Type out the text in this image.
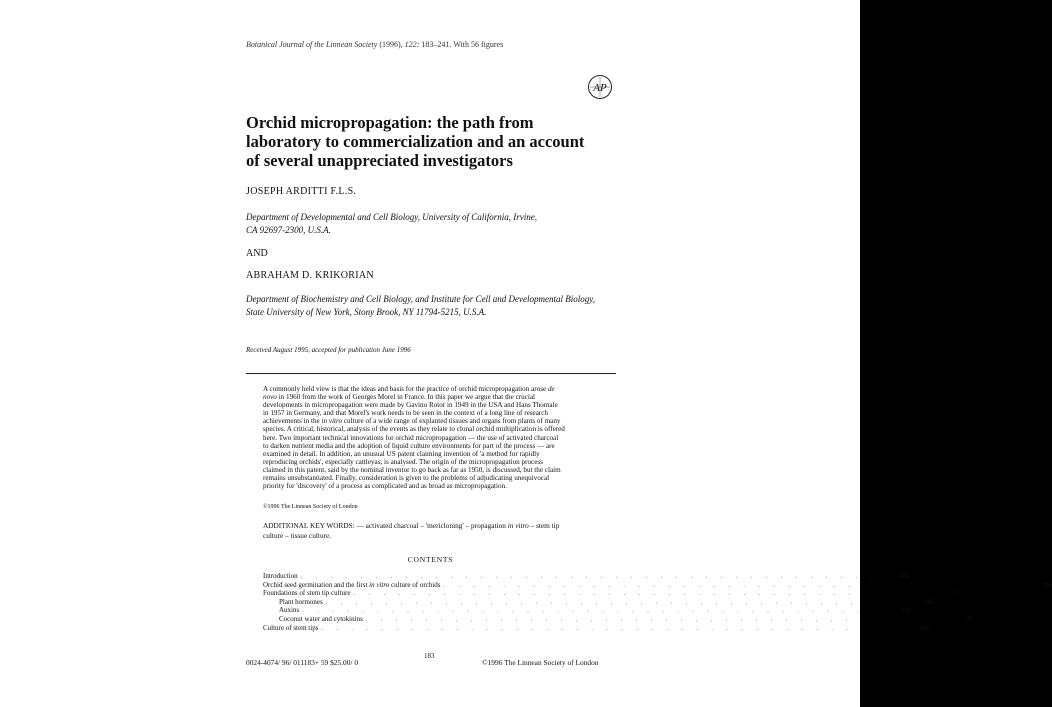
Botanical Journal of the Linnean Society (1996), 122: 183–241. With 56 figures
AP
Orchid micropropagation: the path from
laboratory to commercialization and an account
of several unappreciated investigators
JOSEPH ARDITTI F.L.S.
Department of Developmental and Cell Biology, University of California, Irvine,
CA 92697-2300, U.S.A.
AND
ABRAHAM D. KRIKORIAN
Department of Biochemistry and Cell Biology, and Institute for Cell and Developmental Biology,
State University of New York, Stony Brook, NY 11794-5215, U.S.A.
Received August 1995, accepted for publication June 1996
A commonly held view is that the ideas and basis for the practice of orchid micropropagation arose de
novo in 1960 from the work of Georges Morel in France. In this paper we argue that the crucial
developments in micropropagation were made by Gavino Rotor in 1949 in the USA and Hans Thomale
in 1957 in Germany, and that Morel's work needs to be seen in the context of a long line of research
achievements in the in vitro culture of a wide range of explanted tissues and organs from plants of many
species. A critical, historical, analysis of the events as they relate to clonal orchid multiplication is offered
here. Two important technical innovations for orchid micropropagation — the use of activated charcoal
to darken nutrient media and the adoption of liquid culture environments for part of the process — are
examined in detail. In addition, an unusual US patent claiming invention of 'a method for rapidly
reproducing orchids', especially cattleyas, is analysed. The origin of the micropropagation process
claimed in this patent, said by the nominal inventor to go back as far as 1950, is discussed, but the claim
remains unsubstantiated. Finally, consideration is given to the problems of adjudicating unequivocal
priority for 'discovery' of a process as complicated and as broad as micropropagation.
©1996 The Linnean Society of London
ADDITIONAL KEY WORDS: — activated charcoal – 'mericloning' – propagation in vitro – stem tip
culture – tissue culture.
CONTENTS
Introduction . . . . . . . . . . . . . . . . . . . . . . . . . . . . . . . . . . . . . . . . 184
Orchid seed germination and the first in vitro culture of orchids . . . . . . . . . . . . . . . . . . . . . . . . . . . . . . . . . . . . . . . . 186
Foundations of stem tip culture . . . . . . . . . . . . . . . . . . . . . . . . . . . . . . . . . . . . . . . . 187
Plant hormones . . . . . . . . . . . . . . . . . . . . . . . . . . . . . . . . . . . . . . . . 187
Auxins . . . . . . . . . . . . . . . . . . . . . . . . . . . . . . . . . . . . . . . . 188
Coconut water and cytokinins . . . . . . . . . . . . . . . . . . . . . . . . . . . . . . . . . . . . . . . . 188
Culture of stem tips . . . . . . . . . . . . . . . . . . . . . . . . . . . . . . . . . . . . . . . . 189
183
0024-4074/ 96/ 011183+ 59 $25.00/ 0	©1996 The Linnean Society of London
